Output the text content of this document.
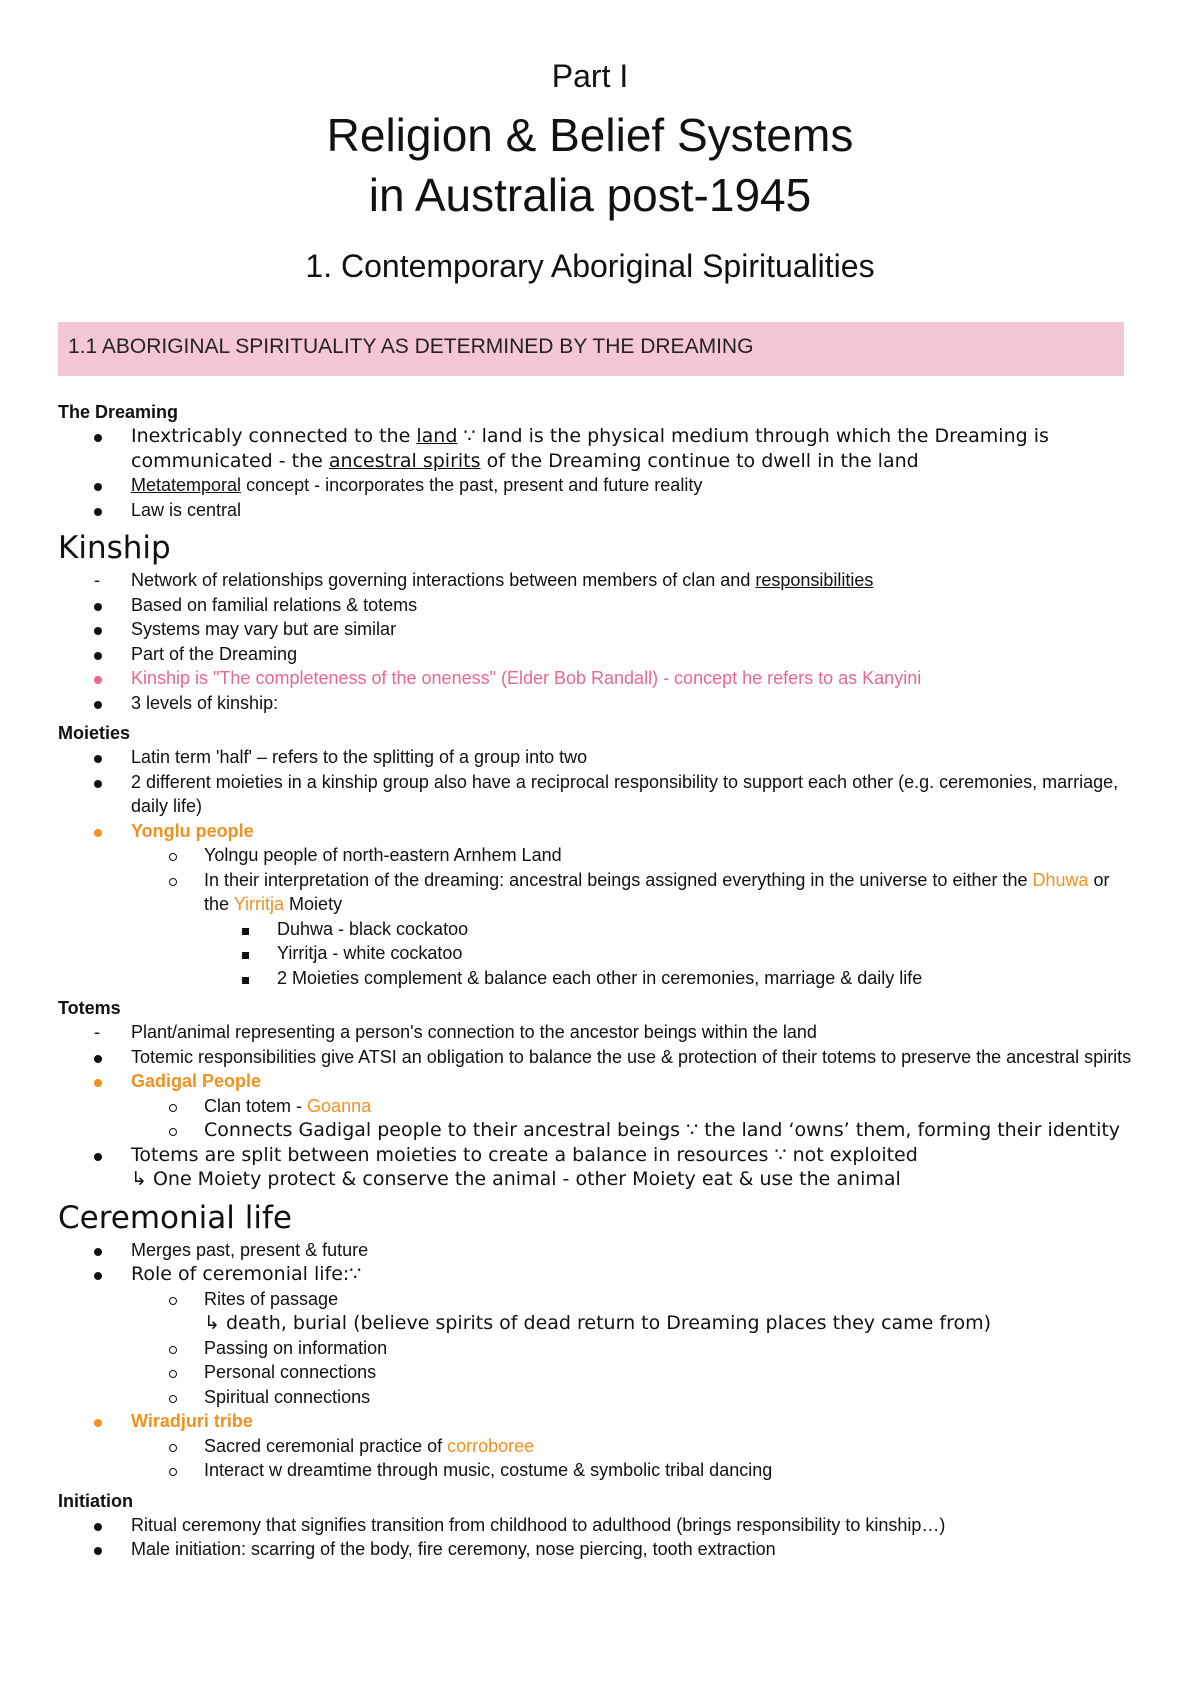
Part I
Religion & Belief Systems
in Australia post-1945
1. Contemporary Aboriginal Spiritualities
1.1 ABORIGINAL SPIRITUALITY AS DETERMINED BY THE DREAMING
The Dreaming
Inextricably connected to the land ∵ land is the physical medium through which the Dreaming is communicated - the ancestral spirits of the Dreaming continue to dwell in the land
Metatemporal concept - incorporates the past, present and future reality
Law is central
Kinship
- Network of relationships governing interactions between members of clan and responsibilities
Based on familial relations & totems
Systems may vary but are similar
Part of the Dreaming
Kinship is "The completeness of the oneness" (Elder Bob Randall) - concept he refers to as Kanyini
3 levels of kinship:
Moieties
Latin term 'half' – refers to the splitting of a group into two
2 different moieties in a kinship group also have a reciprocal responsibility to support each other (e.g. ceremonies, marriage, daily life)
Yonglu people
Yolngu people of north-eastern Arnhem Land
In their interpretation of the dreaming: ancestral beings assigned everything in the universe to either the Dhuwa or the Yirritja Moiety
Duhwa - black cockatoo
Yirritja - white cockatoo
2 Moieties complement & balance each other in ceremonies, marriage & daily life
Totems
- Plant/animal representing a person's connection to the ancestor beings within the land
Totemic responsibilities give ATSI an obligation to balance the use & protection of their totems to preserve the ancestral spirits
Gadigal People
Clan totem - Goanna
Connects Gadigal people to their ancestral beings ∵ the land ‘owns’ them, forming their identity
Totems are split between moieties to create a balance in resources ∵ not exploited
↳ One Moiety protect & conserve the animal - other Moiety eat & use the animal
Ceremonial life
Merges past, present & future
Role of ceremonial life:∵
Rites of passage
↳ death, burial (believe spirits of dead return to Dreaming places they came from)
Passing on information
Personal connections
Spiritual connections
Wiradjuri tribe
Sacred ceremonial practice of corroboree
Interact w dreamtime through music, costume & symbolic tribal dancing
Initiation
Ritual ceremony that signifies transition from childhood to adulthood (brings responsibility to kinship…)
Male initiation: scarring of the body, fire ceremony, nose piercing, tooth extraction
